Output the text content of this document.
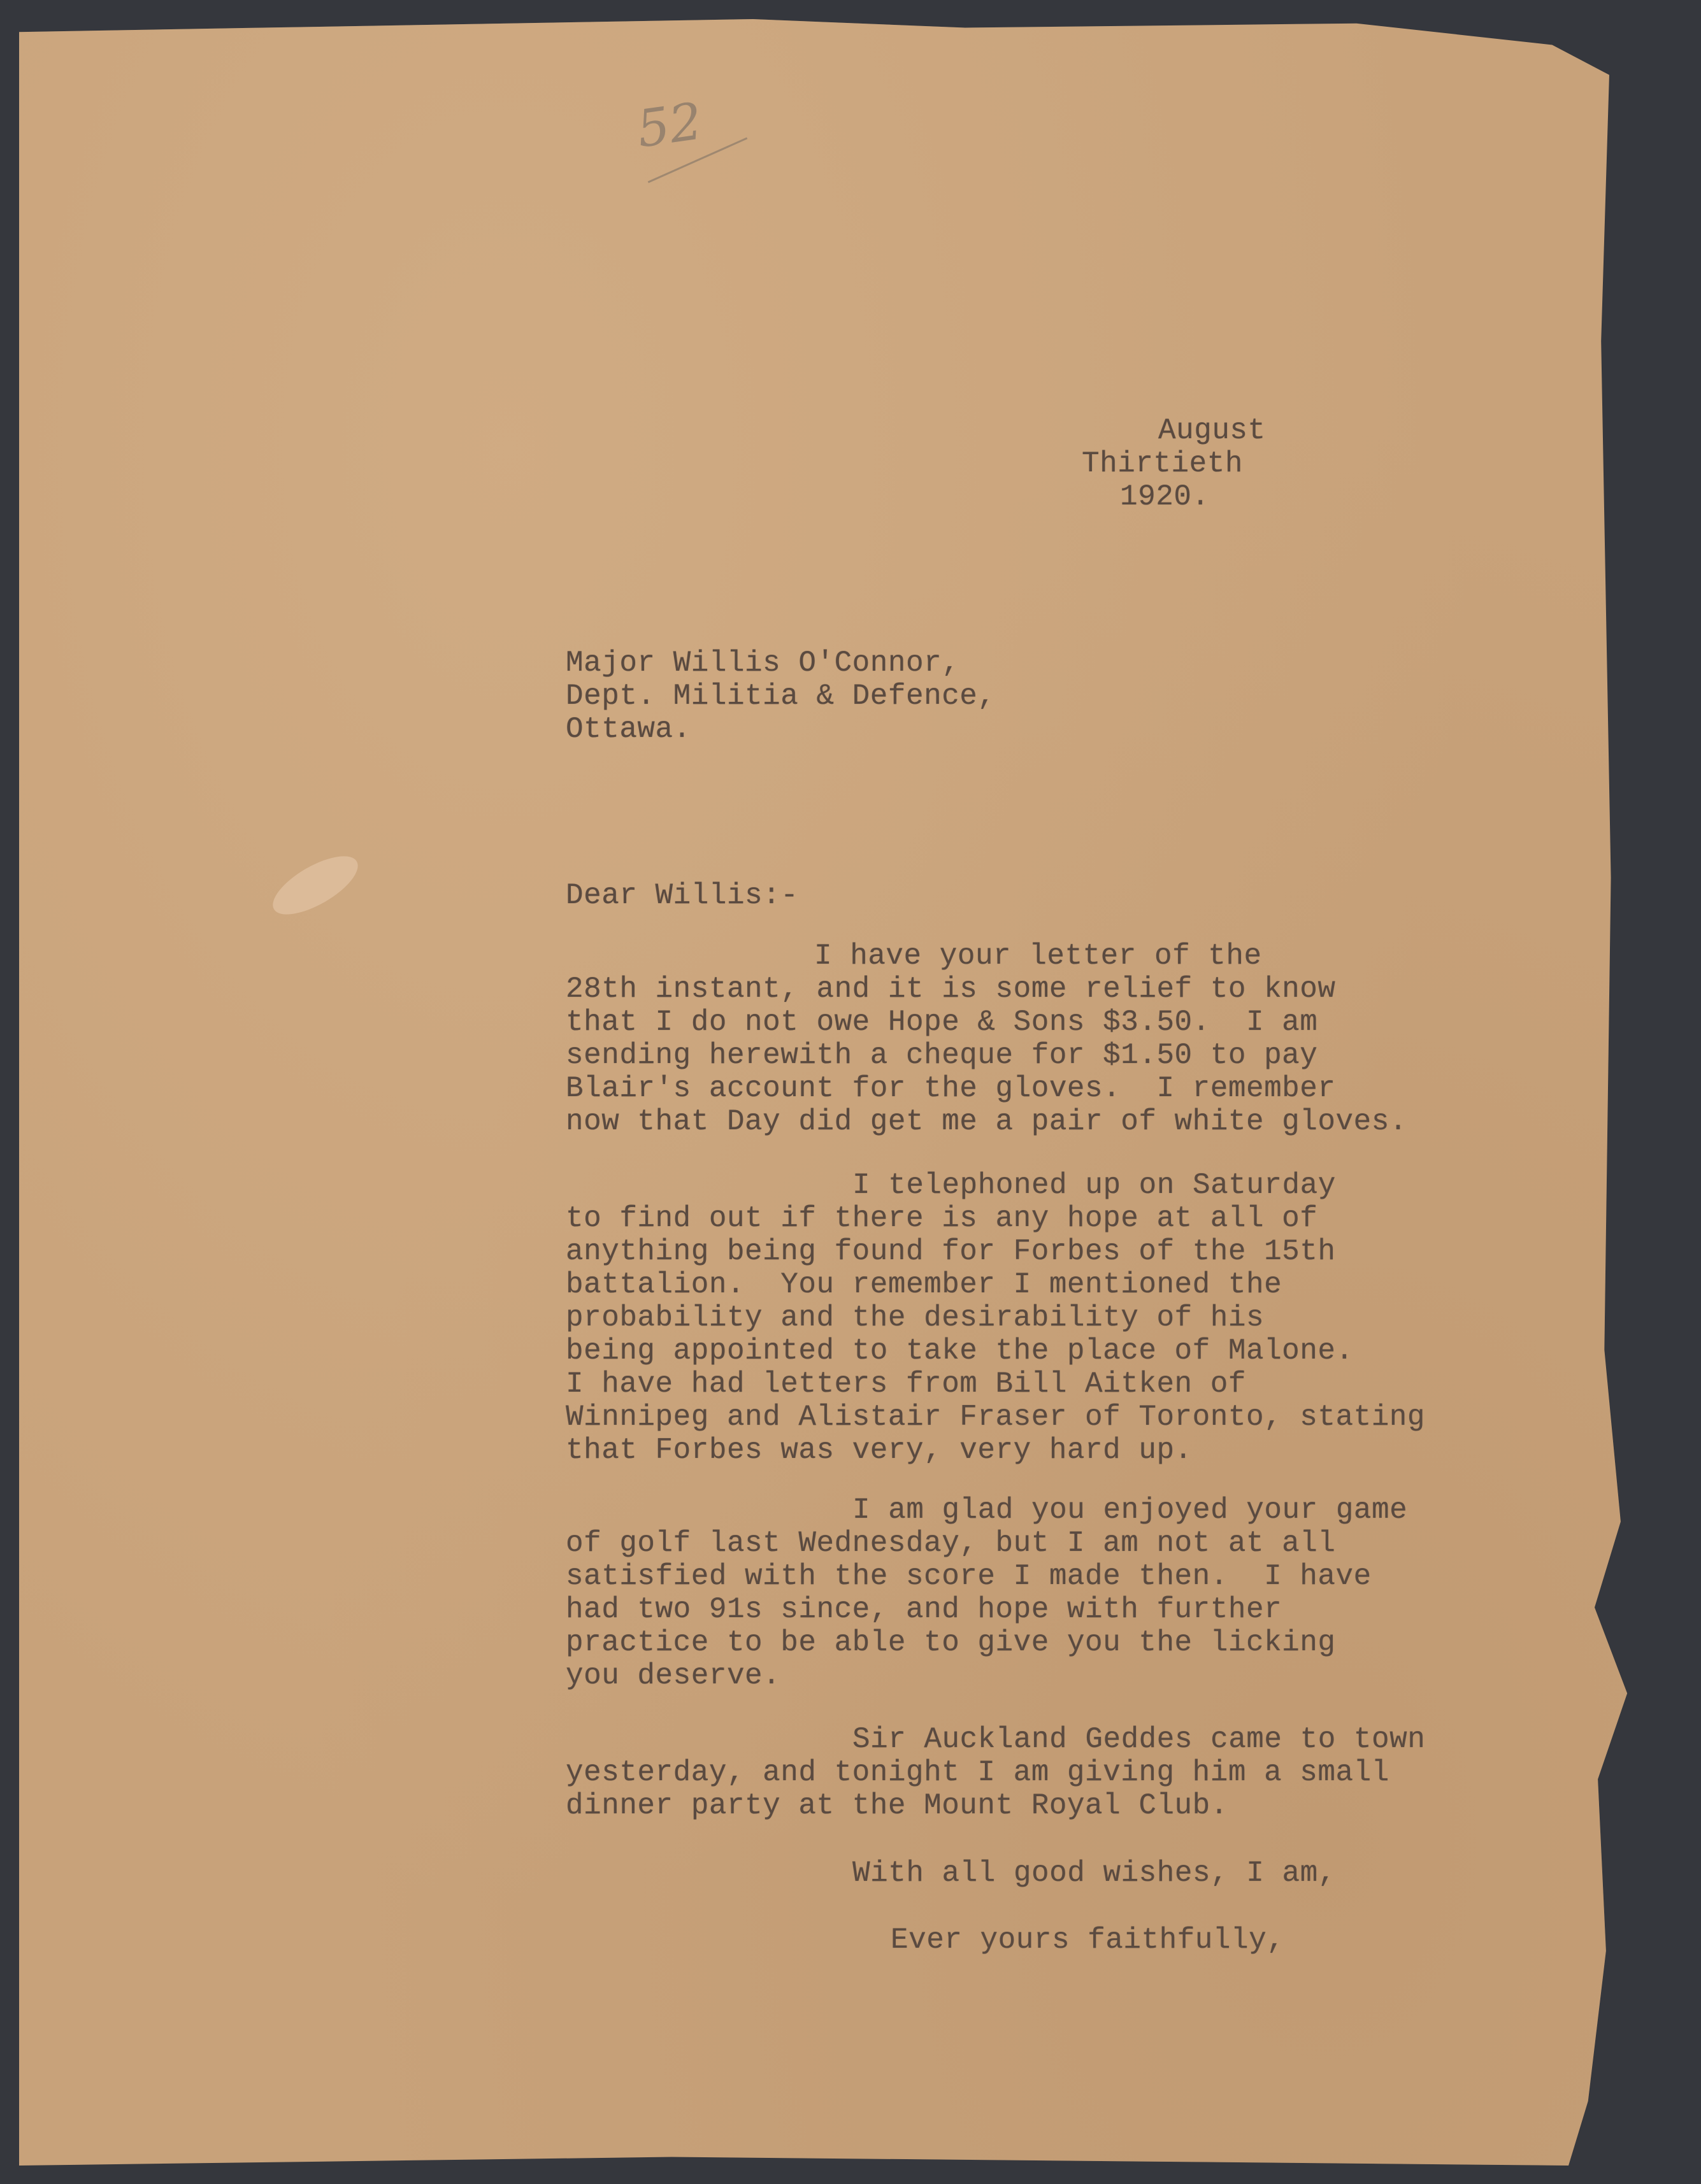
52
August
Thirtieth
1920.
Major Willis O'Connor,
Dept. Militia & Defence,
Ottawa.
Dear Willis:-
I have your letter of the
28th instant, and it is some relief to know
that I do not owe Hope & Sons $3.50.  I am
sending herewith a cheque for $1.50 to pay
Blair's account for the gloves.  I remember
now that Day did get me a pair of white gloves.
I telephoned up on Saturday
to find out if there is any hope at all of
anything being found for Forbes of the 15th
battalion.  You remember I mentioned the
probability and the desirability of his
being appointed to take the place of Malone.
I have had letters from Bill Aitken of
Winnipeg and Alistair Fraser of Toronto, stating
that Forbes was very, very hard up.
I am glad you enjoyed your game
of golf last Wednesday, but I am not at all
satisfied with the score I made then.  I have
had two 91s since, and hope with further
practice to be able to give you the licking
you deserve.
Sir Auckland Geddes came to town
yesterday, and tonight I am giving him a small
dinner party at the Mount Royal Club.
With all good wishes, I am,
Ever yours faithfully,
